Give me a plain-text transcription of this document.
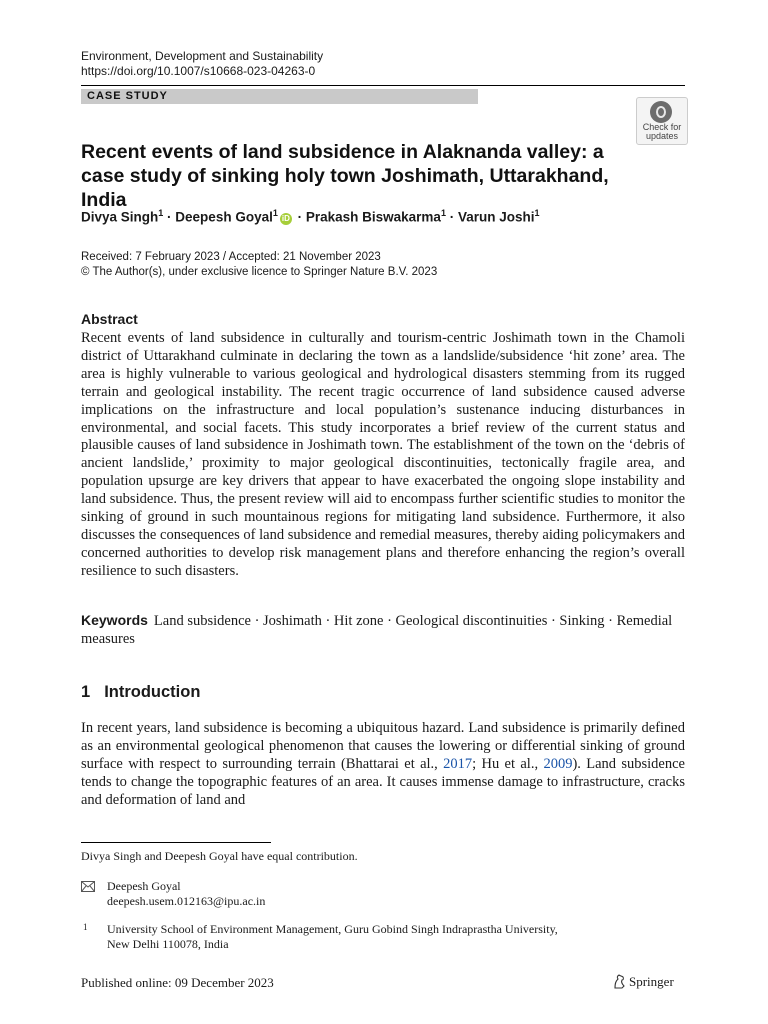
Environment, Development and Sustainability
https://doi.org/10.1007/s10668-023-04263-0
CASE STUDY
Check for
updates
Recent events of land subsidence in Alaknanda valley: a case study of sinking holy town Joshimath, Uttarakhand, India
Divya Singh$^1$ · Deepesh Goyal$^1$ iD · Prakash Biswakarma$^1$ · Varun Joshi$^1$
Received: 7 February 2023 / Accepted: 21 November 2023
© The Author(s), under exclusive licence to Springer Nature B.V. 2023
Abstract
Recent events of land subsidence in culturally and tourism-centric Joshimath town in the Chamoli district of Uttarakhand culminate in declaring the town as a landslide/subsidence ‘hit zone’ area. The area is highly vulnerable to various geological and hydrological disasters stemming from its rugged terrain and geological instability. The recent tragic occurrence of land subsidence caused adverse implications on the infrastructure and local population’s sustenance inducing disturbances in environmental, and social facets. This study incorporates a brief review of the current status and plausible causes of land subsidence in Joshimath town. The establishment of the town on the ‘debris of ancient landslide,’ proximity to major geological discontinuities, tectonically fragile area, and population upsurge are key drivers that appear to have exacerbated the ongoing slope instability and land subsidence. Thus, the present review will aid to encompass further scientific studies to monitor the sinking of ground in such mountainous regions for mitigating land subsidence. Furthermore, it also discusses the consequences of land subsidence and remedial measures, thereby aiding policymakers and concerned authorities to develop risk management plans and therefore enhancing the region’s overall resilience to such disasters.
Keywords Land subsidence · Joshimath · Hit zone · Geological discontinuities · Sinking · Remedial measures
1 Introduction
In recent years, land subsidence is becoming a ubiquitous hazard. Land subsidence is primarily defined as an environmental geological phenomenon that causes the lowering or differential sinking of ground surface with respect to surrounding terrain (Bhattarai et al., 2017; Hu et al., 2009). Land subsidence tends to change the topographic features of an area. It causes immense damage to infrastructure, cracks and deformation of land and
Divya Singh and Deepesh Goyal have equal contribution.
Deepesh Goyal
deepesh.usem.012163@ipu.ac.in
1 University School of Environment Management, Guru Gobind Singh Indraprastha University,
New Delhi 110078, India
Published online: 09 December 2023	Springer
